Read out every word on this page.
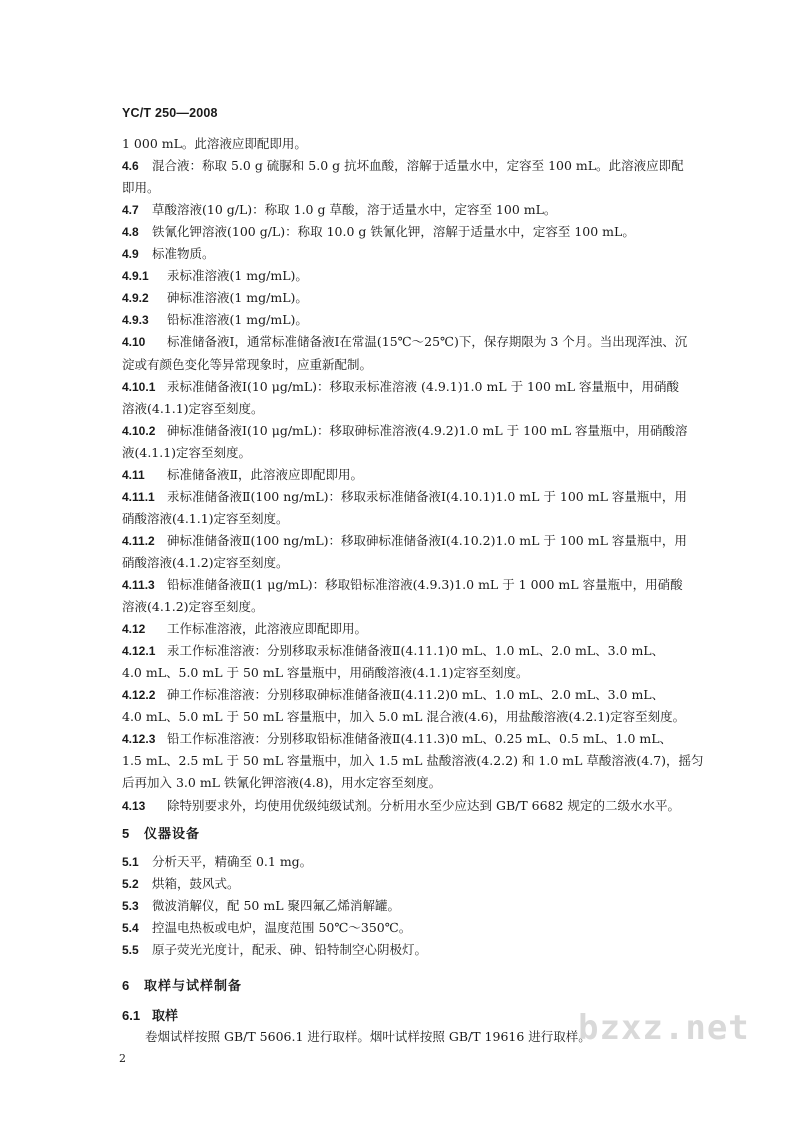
YC/T 250—2008
1 000 mL。此溶液应即配即用。
4.6 混合液：称取 5.0 g 硫脲和 5.0 g 抗坏血酸，溶解于适量水中，定容至 100 mL。此溶液应即配
即用。
4.7 草酸溶液(10 g/L)：称取 1.0 g 草酸，溶于适量水中，定容至 100 mL。
4.8 铁氰化钾溶液(100 g/L)：称取 10.0 g 铁氰化钾，溶解于适量水中，定容至 100 mL。
4.9 标准物质。
4.9.1 汞标准溶液(1 mg/mL)。
4.9.2 砷标准溶液(1 mg/mL)。
4.9.3 铅标准溶液(1 mg/mL)。
4.10 标准储备液Ⅰ，通常标准储备液Ⅰ在常温(15℃～25℃)下，保存期限为 3 个月。当出现浑浊、沉
淀或有颜色变化等异常现象时，应重新配制。
4.10.1 汞标准储备液Ⅰ(10 μg/mL)：移取汞标准溶液 (4.9.1)1.0 mL 于 100 mL 容量瓶中，用硝酸
溶液(4.1.1)定容至刻度。
4.10.2 砷标准储备液Ⅰ(10 μg/mL)：移取砷标准溶液(4.9.2)1.0 mL 于 100 mL 容量瓶中，用硝酸溶
液(4.1.1)定容至刻度。
4.11 标准储备液Ⅱ，此溶液应即配即用。
4.11.1 汞标准储备液Ⅱ(100 ng/mL)：移取汞标准储备液Ⅰ(4.10.1)1.0 mL 于 100 mL 容量瓶中，用
硝酸溶液(4.1.1)定容至刻度。
4.11.2 砷标准储备液Ⅱ(100 ng/mL)：移取砷标准储备液Ⅰ(4.10.2)1.0 mL 于 100 mL 容量瓶中，用
硝酸溶液(4.1.2)定容至刻度。
4.11.3 铅标准储备液Ⅱ(1 μg/mL)：移取铅标准溶液(4.9.3)1.0 mL 于 1 000 mL 容量瓶中，用硝酸
溶液(4.1.2)定容至刻度。
4.12 工作标准溶液，此溶液应即配即用。
4.12.1 汞工作标准溶液：分别移取汞标准储备液Ⅱ(4.11.1)0 mL、1.0 mL、2.0 mL、3.0 mL、
4.0 mL、5.0 mL 于 50 mL 容量瓶中，用硝酸溶液(4.1.1)定容至刻度。
4.12.2 砷工作标准溶液：分别移取砷标准储备液Ⅱ(4.11.2)0 mL、1.0 mL、2.0 mL、3.0 mL、
4.0 mL、5.0 mL 于 50 mL 容量瓶中，加入 5.0 mL 混合液(4.6)，用盐酸溶液(4.2.1)定容至刻度。
4.12.3 铅工作标准溶液：分别移取铅标准储备液Ⅱ(4.11.3)0 mL、0.25 mL、0.5 mL、1.0 mL、
1.5 mL、2.5 mL 于 50 mL 容量瓶中，加入 1.5 mL 盐酸溶液(4.2.2) 和 1.0 mL 草酸溶液(4.7)，摇匀
后再加入 3.0 mL 铁氰化钾溶液(4.8)，用水定容至刻度。
4.13 除特别要求外，均使用优级纯级试剂。分析用水至少应达到 GB/T 6682 规定的二级水水平。
5 仪器设备
5.1 分析天平，精确至 0.1 mg。
5.2 烘箱，鼓风式。
5.3 微波消解仪，配 50 mL 聚四氟乙烯消解罐。
5.4 控温电热板或电炉，温度范围 50℃～350℃。
5.5 原子荧光光度计，配汞、砷、铅特制空心阴极灯。
6 取样与试样制备
6.1 取样
卷烟试样按照 GB/T 5606.1 进行取样。烟叶试样按照 GB/T 19616 进行取样。
2
bzxz.net
